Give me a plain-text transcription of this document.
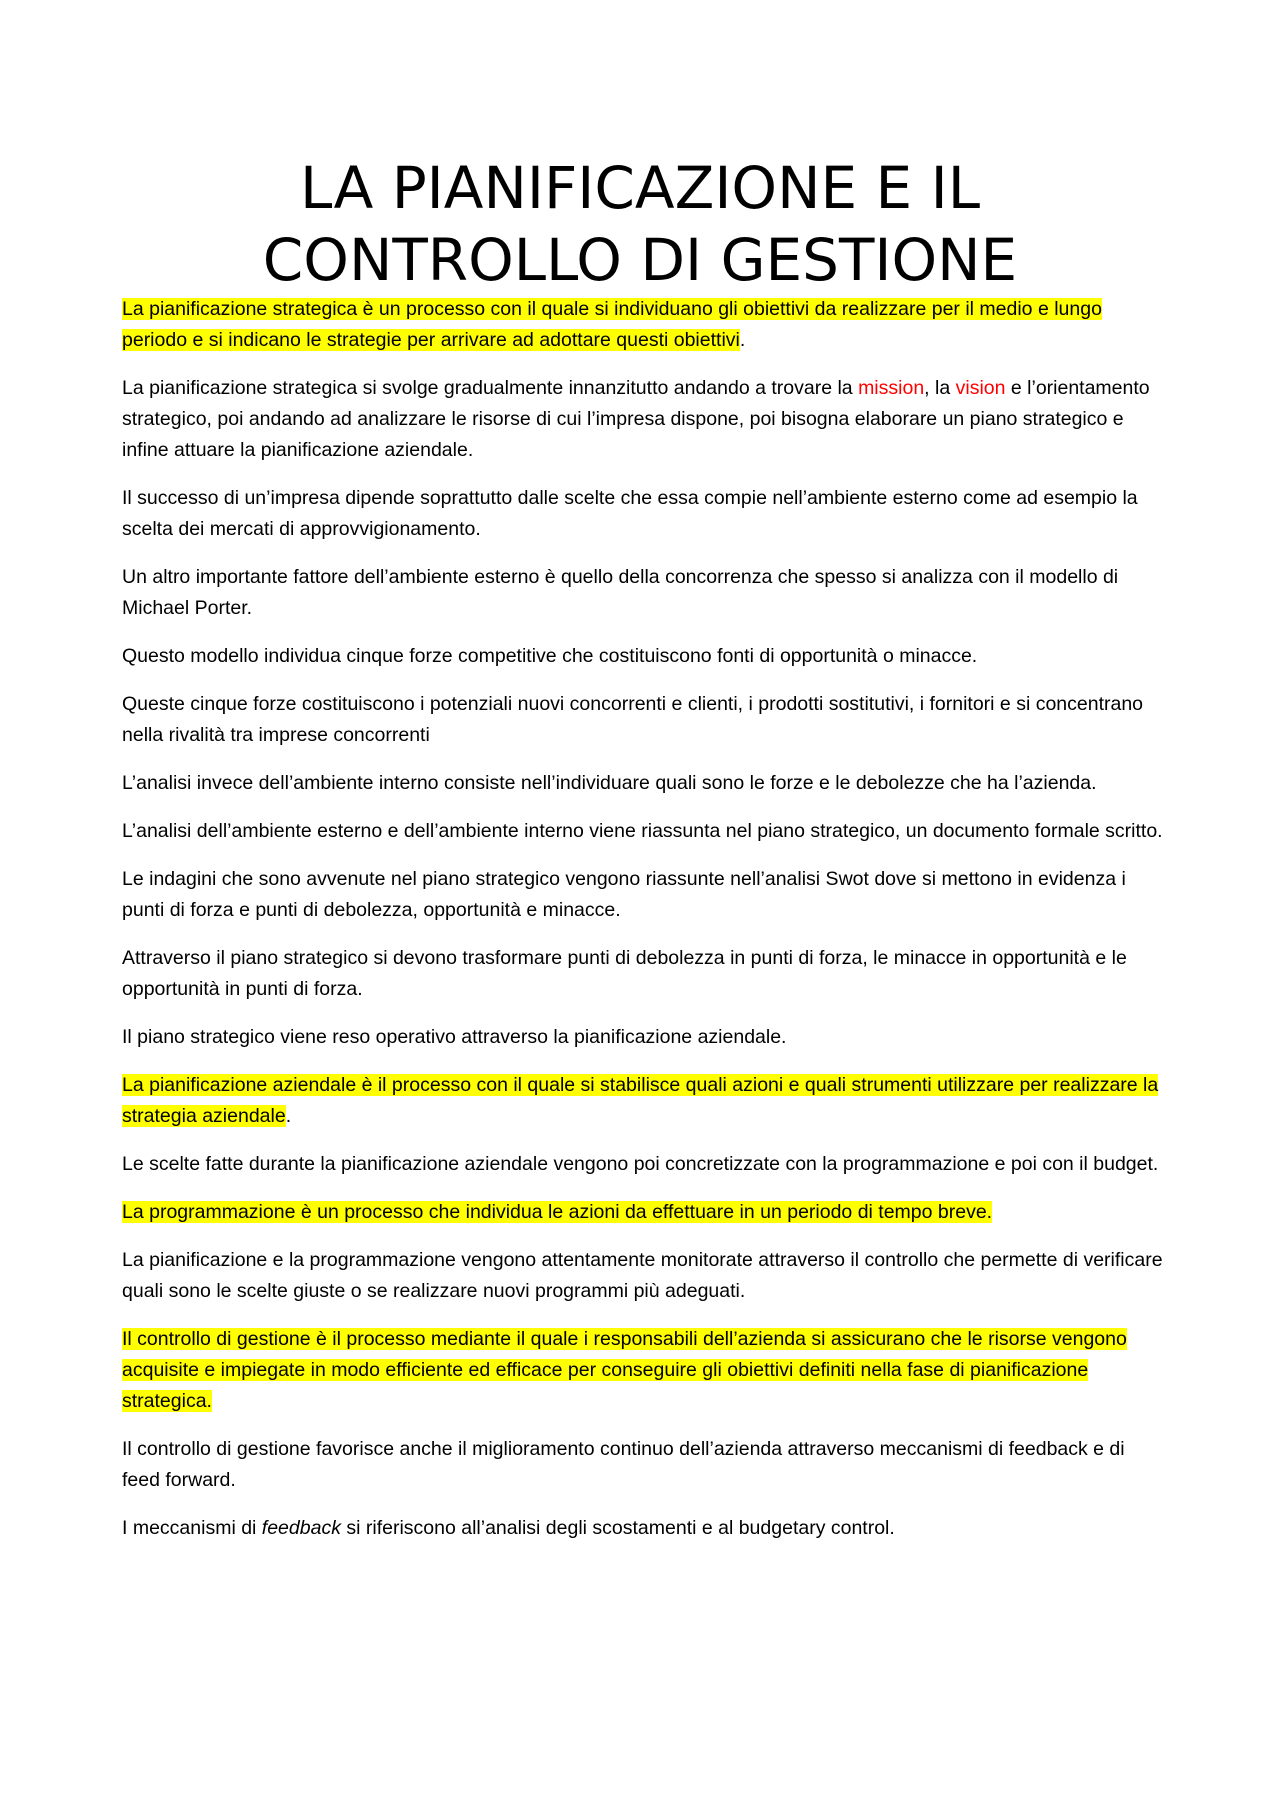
LA PIANIFICAZIONE E IL
CONTROLLO DI GESTIONE

La pianificazione strategica è un processo con il quale si individuano gli obiettivi da realizzare per il medio e lungo periodo e si indicano le strategie per arrivare ad adottare questi obiettivi.

La pianificazione strategica si svolge gradualmente innanzitutto andando a trovare la mission, la vision e l’orientamento strategico, poi andando ad analizzare le risorse di cui l’impresa dispone, poi bisogna elaborare un piano strategico e infine attuare la pianificazione aziendale.

Il successo di un’impresa dipende soprattutto dalle scelte che essa compie nell’ambiente esterno come ad esempio la scelta dei mercati di approvvigionamento.

Un altro importante fattore dell’ambiente esterno è quello della concorrenza che spesso si analizza con il modello di Michael Porter.

Questo modello individua cinque forze competitive che costituiscono fonti di opportunità o minacce.

Queste cinque forze costituiscono i potenziali nuovi concorrenti e clienti, i prodotti sostitutivi, i fornitori e si concentrano nella rivalità tra imprese concorrenti

L’analisi invece dell’ambiente interno consiste nell’individuare quali sono le forze e le debolezze che ha l’azienda.

L’analisi dell’ambiente esterno e dell’ambiente interno viene riassunta nel piano strategico, un documento formale scritto.

Le indagini che sono avvenute nel piano strategico vengono riassunte nell’analisi Swot dove si mettono in evidenza i punti di forza e punti di debolezza, opportunità e minacce.

Attraverso il piano strategico si devono trasformare punti di debolezza in punti di forza, le minacce in opportunità e le opportunità in punti di forza.

Il piano strategico viene reso operativo attraverso la pianificazione aziendale.

La pianificazione aziendale è il processo con il quale si stabilisce quali azioni e quali strumenti utilizzare per realizzare la strategia aziendale.

Le scelte fatte durante la pianificazione aziendale vengono poi concretizzate con la programmazione e poi con il budget.

La programmazione è un processo che individua le azioni da effettuare in un periodo di tempo breve.

La pianificazione e la programmazione vengono attentamente monitorate attraverso il controllo che permette di verificare quali sono le scelte giuste o se realizzare nuovi programmi più adeguati.

Il controllo di gestione è il processo mediante il quale i responsabili dell’azienda si assicurano che le risorse vengono acquisite e impiegate in modo efficiente ed efficace per conseguire gli obiettivi definiti nella fase di pianificazione strategica.

Il controllo di gestione favorisce anche il miglioramento continuo dell’azienda attraverso meccanismi di feedback e di feed forward.

I meccanismi di feedback si riferiscono all’analisi degli scostamenti e al budgetary control.
